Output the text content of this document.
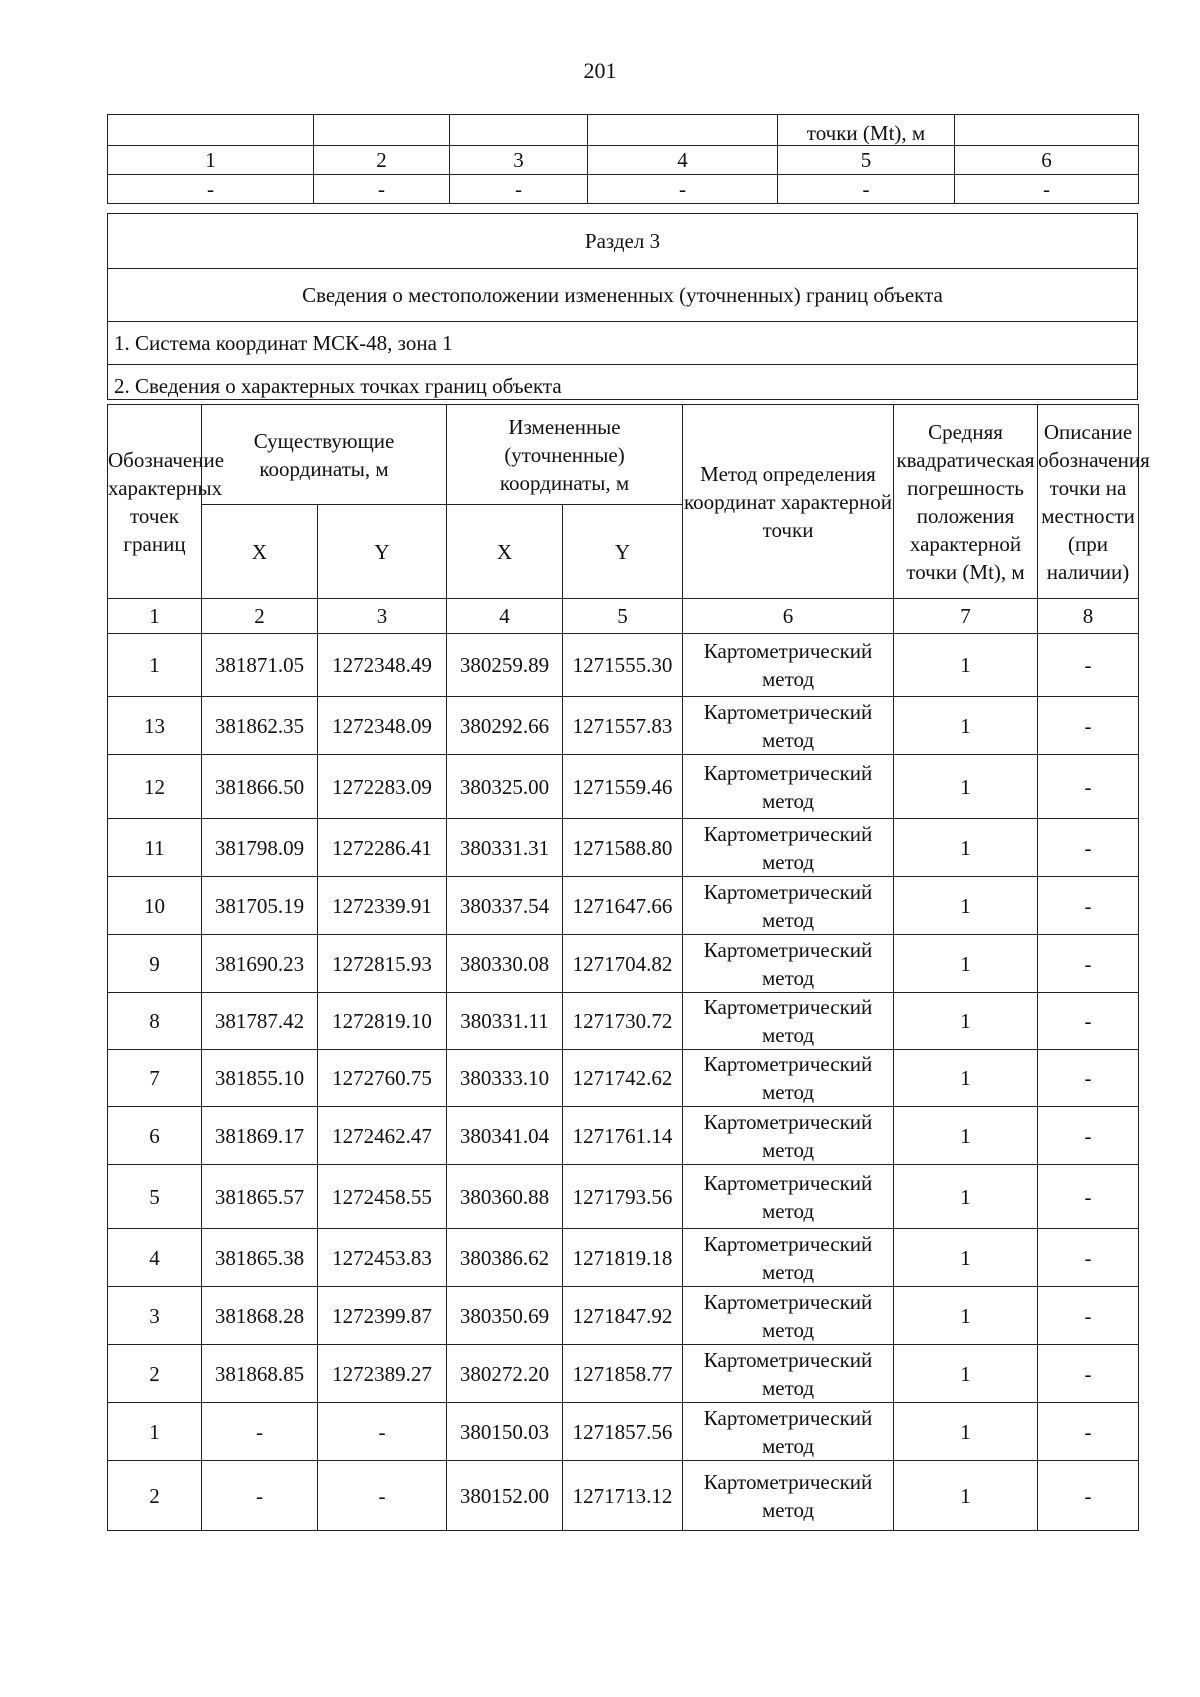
201
				точки (Mt), м	
1	2	3	4	5	6
-	-	-	-	-	-
Раздел 3
Сведения о местоположении измененных (уточненных) границ объекта
1. Система координат МСК-48, зона 1
2. Сведения о характерных точках границ объекта
Обозначение характерных точек границ	Существующие координаты, м		Измененные (уточненные) координаты, м		Метод определения координат характерной точки	Средняя квадратическая погрешность положения характерной точки (Mt), м	Описание обозначения точки на местности (при наличии)
	X	Y	X	Y			
1	2	3	4	5	6	7	8
1	381871.05	1272348.49	380259.89	1271555.30	Картометрический метод	1	-
13	381862.35	1272348.09	380292.66	1271557.83	Картометрический метод	1	-
12	381866.50	1272283.09	380325.00	1271559.46	Картометрический метод	1	-
11	381798.09	1272286.41	380331.31	1271588.80	Картометрический метод	1	-
10	381705.19	1272339.91	380337.54	1271647.66	Картометрический метод	1	-
9	381690.23	1272815.93	380330.08	1271704.82	Картометрический метод	1	-
8	381787.42	1272819.10	380331.11	1271730.72	Картометрический метод	1	-
7	381855.10	1272760.75	380333.10	1271742.62	Картометрический метод	1	-
6	381869.17	1272462.47	380341.04	1271761.14	Картометрический метод	1	-
5	381865.57	1272458.55	380360.88	1271793.56	Картометрический метод	1	-
4	381865.38	1272453.83	380386.62	1271819.18	Картометрический метод	1	-
3	381868.28	1272399.87	380350.69	1271847.92	Картометрический метод	1	-
2	381868.85	1272389.27	380272.20	1271858.77	Картометрический метод	1	-
1	-	-	380150.03	1271857.56	Картометрический метод	1	-
2	-	-	380152.00	1271713.12	Картометрический метод	1	-
